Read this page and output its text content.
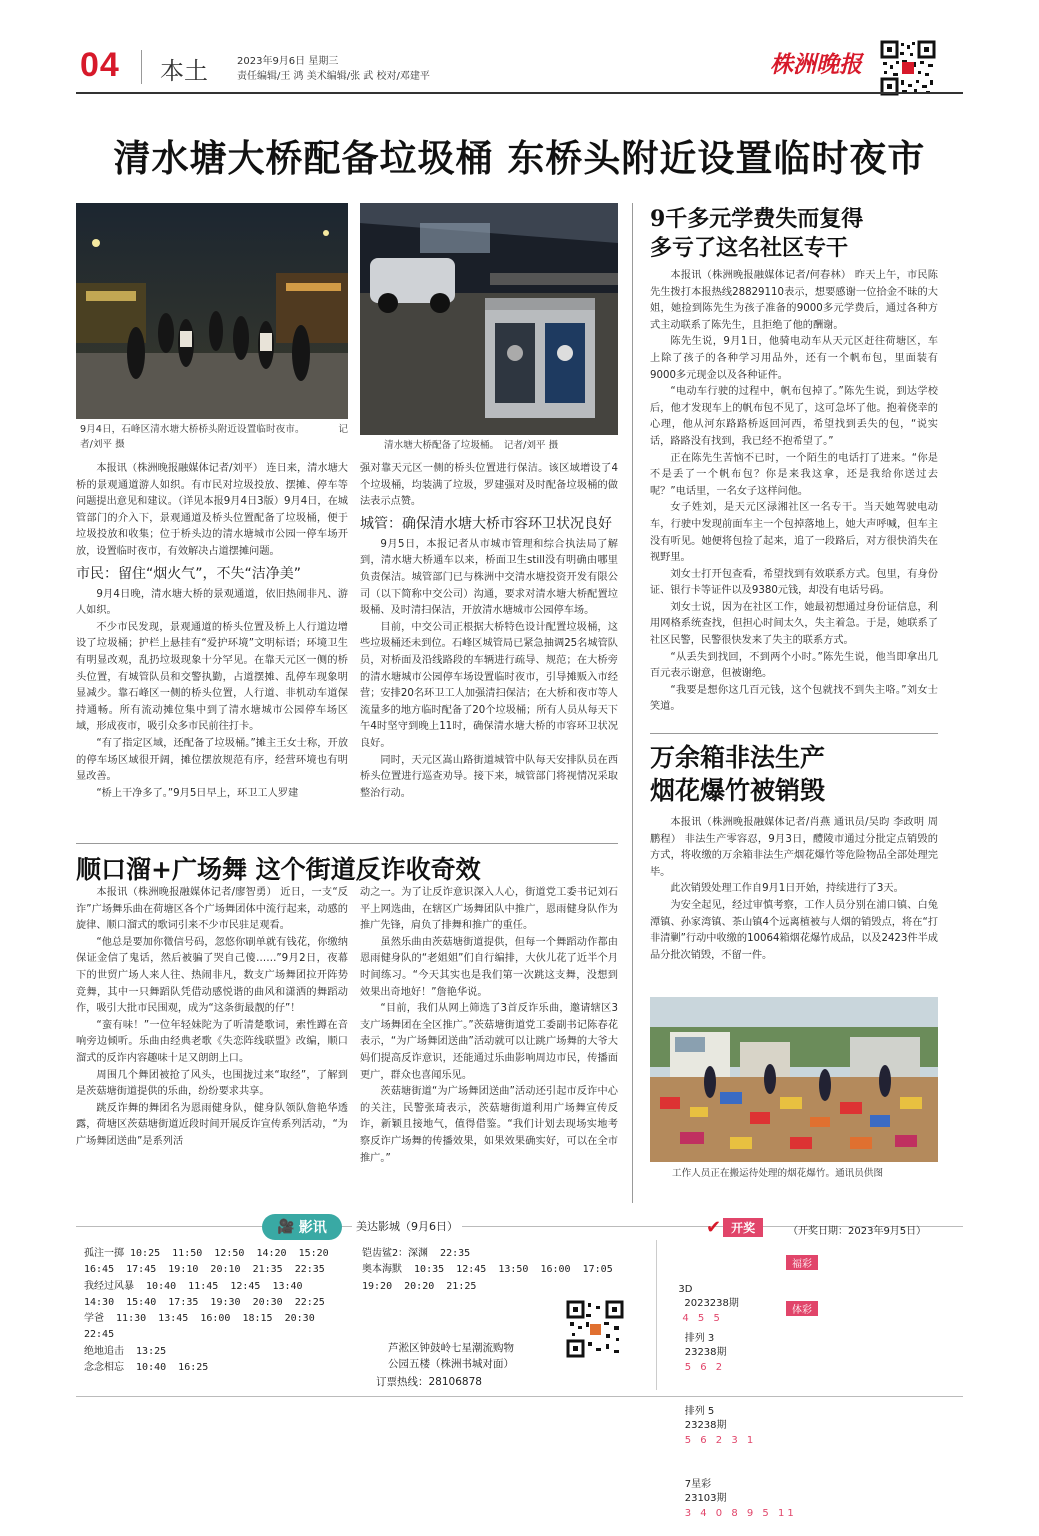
04 本土	2023年9月6日 星期三
责任编辑/王 鸿 美术编辑/张 武 校对/邓建平	株洲晚报
清水塘大桥配备垃圾桶 东桥头附近设置临时夜市
9月4日，石峰区清水塘大桥桥头附近设置临时夜市。　　　　记者/刘平 摄	清水塘大桥配备了垃圾桶。　记者/刘平 摄

本报讯（株洲晚报融媒体记者/刘平） 连日来，清水塘大桥的景观通道游人如织。有市民对垃圾投放、摆摊、停车等问题提出意见和建议。（详见本报9月4日3版）9月4日，在城管部门的介入下，景观通道及桥头位置配备了垃圾桶，便于垃圾投放和收集；位于桥头边的清水塘城市公园一停车场开放，设置临时夜市，有效解决占道摆摊问题。

市民：留住“烟火气”，不失“洁净美”

9月4日晚，清水塘大桥的景观通道，依旧热闹非凡、游人如织。

不少市民发现，景观通道的桥头位置及桥上人行道边增设了垃圾桶；护栏上悬挂有“爱护环境”文明标语；环境卫生有明显改观，乱扔垃圾现象十分罕见。在靠天元区一侧的桥头位置，有城管队员和交警执勤，占道摆摊、乱停车现象明显减少。靠石峰区一侧的桥头位置，人行道、非机动车道保持通畅。所有流动摊位集中到了清水塘城市公园停车场区域，形成夜市，吸引众多市民前往打卡。

“有了指定区域，还配备了垃圾桶。”摊主王女士称，开放的停车场区域很开阔，摊位摆放规范有序，经营环境也有明显改善。

“桥上干净多了。”9月5日早上，环卫工人罗建

强对靠天元区一侧的桥头位置进行保洁。该区域增设了4个垃圾桶，均装满了垃圾，罗建强对及时配备垃圾桶的做法表示点赞。

城管：确保清水塘大桥市容环卫状况良好

9月5日，本报记者从市城市管理和综合执法局了解到，清水塘大桥通车以来，桥面卫生still没有明确由哪里负责保洁。城管部门已与株洲中交清水塘投资开发有限公司（以下简称中交公司）沟通，要求对清水塘大桥配置垃圾桶、及时清扫保洁，开放清水塘城市公园停车场。

目前，中交公司正根据大桥特色设计配置垃圾桶，这些垃圾桶还未到位。石峰区城管局已紧急抽调25名城管队员，对桥面及沿线路段的车辆进行疏导、规范；在大桥旁的清水塘城市公园停车场设置临时夜市，引导摊贩入市经营；安排20名环卫工人加强清扫保洁；在大桥和夜市等人流量多的地方临时配备了20个垃圾桶；所有人员从每天下午4时坚守到晚上11时，确保清水塘大桥的市容环卫状况良好。

同时，天元区嵩山路街道城管中队每天安排队员在西桥头位置进行巡查劝导。接下来，城管部门将视情况采取整治行动。

9千多元学费失而复得
多亏了这名社区专干

本报讯（株洲晚报融媒体记者/何春林） 昨天上午，市民陈先生拨打本报热线28829110表示，想要感谢一位拾金不昧的大姐，她捡到陈先生为孩子准备的9000多元学费后，通过各种方式主动联系了陈先生，且拒绝了他的酬谢。

陈先生说，9月1日，他骑电动车从天元区赶往荷塘区，车上除了孩子的各种学习用品外，还有一个帆布包，里面装有9000多元现金以及各种证件。

“电动车行驶的过程中，帆布包掉了。”陈先生说，到达学校后，他才发现车上的帆布包不见了，这可急坏了他。抱着侥幸的心理，他从河东路路桥返回河西，希望找到丢失的包，“说实话，路路没有找到，我已经不抱希望了。”

正在陈先生苦恼不已时，一个陌生的电话打了进来。“你是不是丢了一个帆布包？你是来我这拿，还是我给你送过去呢？”电话里，一名女子这样问他。

女子姓刘，是天元区渌湘社区一名专干。当天她驾驶电动车，行驶中发现前面车主一个包掉落地上，她大声呼喊，但车主没有听见。她便将包捡了起来，追了一段路后，对方很快消失在视野里。

刘女士打开包查看，希望找到有效联系方式。包里，有身份证、银行卡等证件以及9380元钱，却没有电话号码。

刘女士说，因为在社区工作，她最初想通过身份证信息，利用网格系统查找，但担心时间太久，失主着急。于是，她联系了社区民警，民警很快发来了失主的联系方式。

“从丢失到找回，不到两个小时。”陈先生说，他当即拿出几百元表示谢意，但被谢绝。

“我要是想你这几百元钱，这个包就找不到失主咯。”刘女士笑道。

万余箱非法生产
烟花爆竹被销毁

本报讯（株洲晚报融媒体记者/肖燕 通讯员/吴昀 李政明 周鹏程） 非法生产零容忍，9月3日，醴陵市通过分批定点销毁的方式，将收缴的万余箱非法生产烟花爆竹等危险物品全部处理完毕。

此次销毁处理工作自9月1日开始，持续进行了3天。

为安全起见，经过审慎考察，工作人员分别在浦口镇、白兔潭镇、孙家湾镇、茶山镇4个远离植被与人烟的销毁点，将在“打非清剿”行动中收缴的10064箱烟花爆竹成品，以及2423件半成品分批次销毁，不留一件。

工作人员正在搬运待处理的烟花爆竹。通讯员供图
顺口溜+广场舞 这个街道反诈收奇效

本报讯（株洲晚报融媒体记者/廖智勇） 近日，一支“反诈”广场舞乐曲在荷塘区各个广场舞团体中流行起来，动感的旋律、顺口溜式的歌词引来不少市民驻足观看。

“他总是要加你微信号码，忽悠你刷单就有钱花，你缴纳保证金信了鬼话，然后被骗了哭自己傻……”9月2日，夜幕下的世贸广场人来人往、热闹非凡，数支广场舞团拉开阵势竞舞，其中一只舞蹈队凭借动感悦谐的曲风和潇洒的舞蹈动作，吸引大批市民围观，成为“这条街最靓的仔”！

“蛮有味！”一位年轻妹陀为了听清楚歌词，索性蹲在音响旁边倾听。乐曲由经典老歌《失恋阵线联盟》改编，顺口溜式的反诈内容趣味十足又朗朗上口。

周围几个舞团被抢了风头，也围拢过来“取经”，了解到是茨菇塘街道提供的乐曲，纷纷要求共享。

跳反诈舞的舞团名为恩雨健身队，健身队领队詹艳华透露，荷塘区茨菇塘街道近段时间开展反诈宣传系列活动，“为广场舞团送曲”是系列活

动之一。为了让反诈意识深入人心，街道党工委书记刘石平上网选曲，在辖区广场舞团队中推广，恩雨健身队作为推广先锋，肩负了排舞和推广的重任。

虽然乐曲由茨菇塘街道提供，但每一个舞蹈动作都由恩雨健身队的“老姐姐”们自行编排，大伙儿花了近半个月时间练习。“今天其实也是我们第一次跳这支舞，没想到效果出奇地好！”詹艳华说。

“目前，我们从网上筛选了3首反诈乐曲，邀请辖区3支广场舞团在全区推广。”茨菇塘街道党工委副书记陈春花表示，“为广场舞团送曲”活动就可以让跳广场舞的大爷大妈们提高反诈意识，还能通过乐曲影响周边市民，传播面更广，群众也喜闻乐见。

茨菇塘街道“为广场舞团送曲”活动还引起市反诈中心的关注，民警张琦表示，茨菇塘街道利用广场舞宣传反诈，新颖且接地气，值得借鉴。“我们计划去现场实地考察反诈广场舞的传播效果，如果效果确实好，可以在全市推广。”

🎥 影讯	美达影城（9月6日）
孤注一掷 10:25  11:50  12:50  14:20  15:20
16:45  17:45  19:10  20:10  21:35  22:35
我经过风暴  10:40  11:45  12:45  13:40
14:30  15:40  17:35  19:30  20:30  22:25
学爸  11:30  13:45  16:00  18:15  20:30
22:45
绝地追击  13:25
念念相忘  10:40  16:25
铠齿鲨2：深渊  22:35
奥本海默  10:35  12:45  13:50  16:00  17:05
19:20  20:20  21:25
芦淞区钟鼓岭七星潮流购物
公园五楼（株洲书城对面）
订票热线：28106878
✔ 开奖	（开奖日期：2023年9月5日）
福彩

3D
2023238期
4 5 5

体彩

排列 3
23238期
5 6 2

排列 5
23238期
5 6 2 3 1

7星彩
23103期
3 4 0 8 9 5 11
